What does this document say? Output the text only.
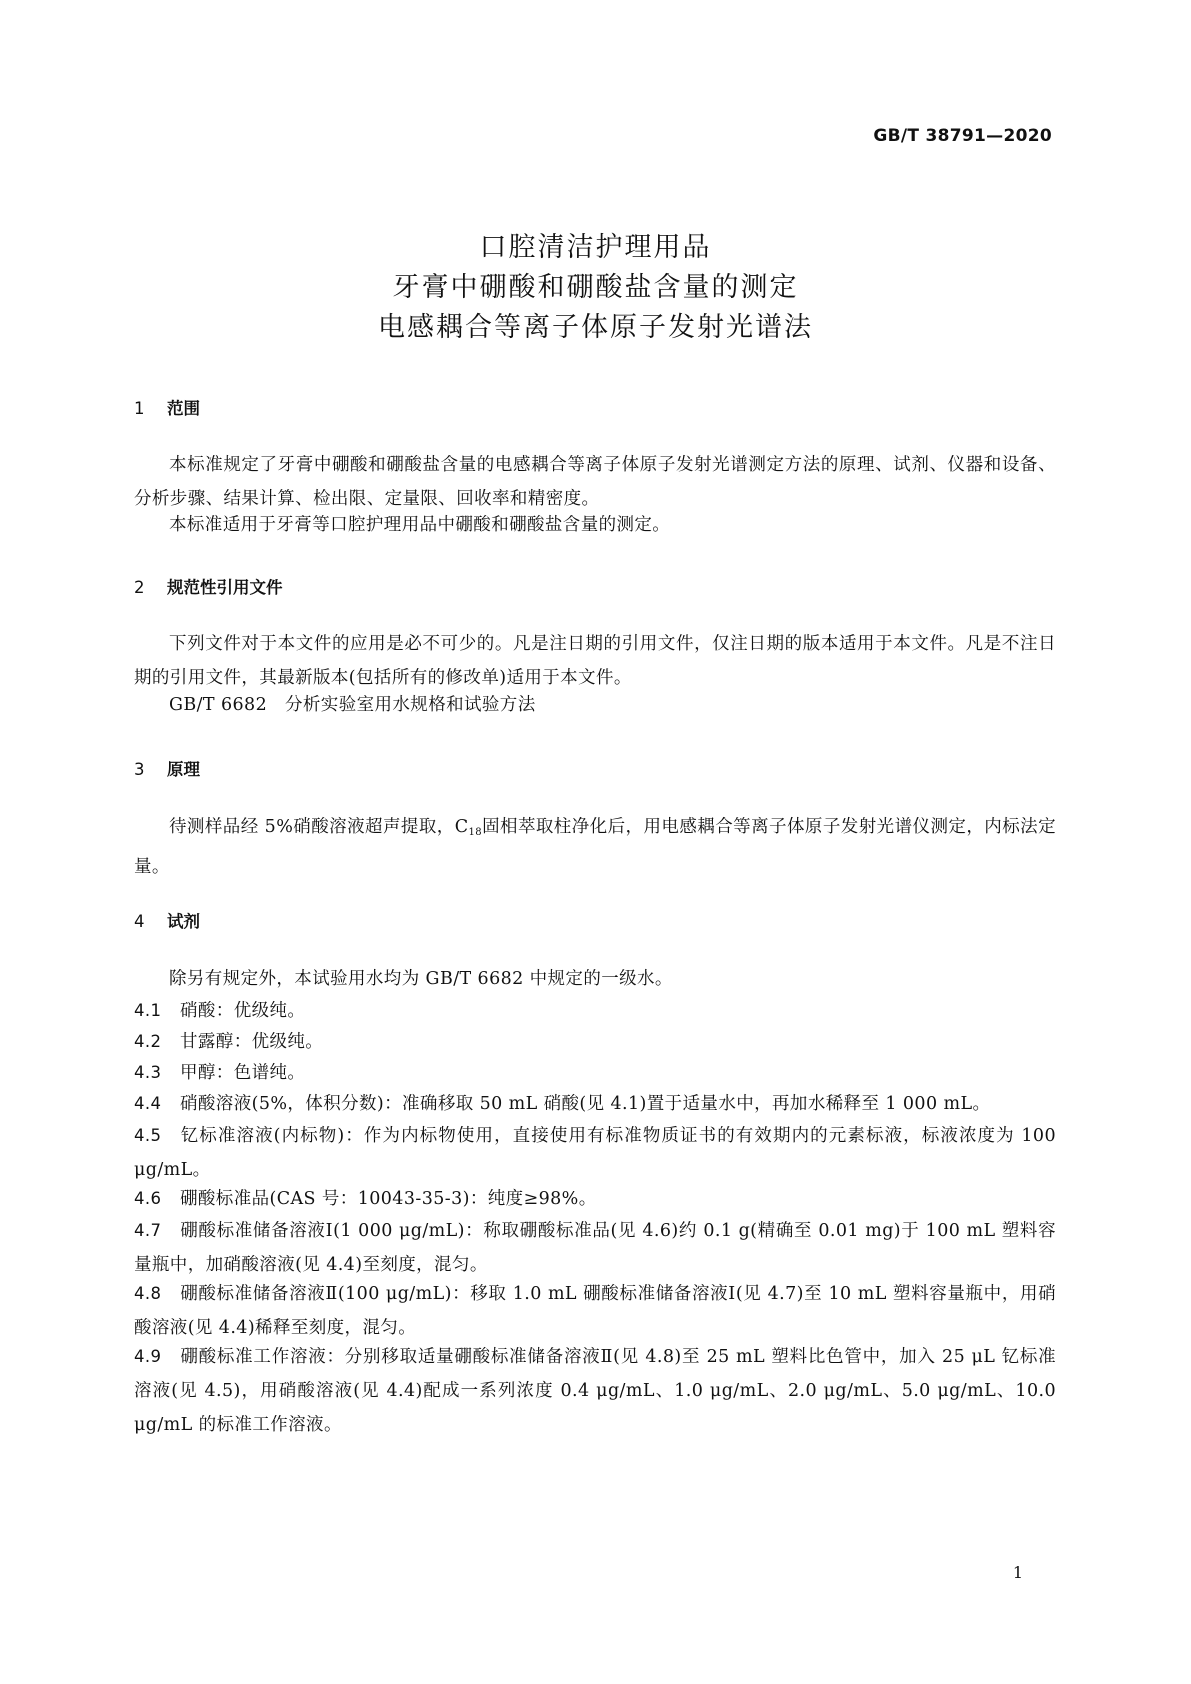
GB/T 38791—2020
口腔清洁护理用品
牙膏中硼酸和硼酸盐含量的测定
电感耦合等离子体原子发射光谱法
1 范围
本标准规定了牙膏中硼酸和硼酸盐含量的电感耦合等离子体原子发射光谱测定方法的原理、试剂、仪器和设备、分析步骤、结果计算、检出限、定量限、回收率和精密度。
本标准适用于牙膏等口腔护理用品中硼酸和硼酸盐含量的测定。
2 规范性引用文件
下列文件对于本文件的应用是必不可少的。凡是注日期的引用文件，仅注日期的版本适用于本文件。凡是不注日期的引用文件，其最新版本(包括所有的修改单)适用于本文件。
GB/T 6682　分析实验室用水规格和试验方法
3 原理
待测样品经 5%硝酸溶液超声提取，$C_{18}$固相萃取柱净化后，用电感耦合等离子体原子发射光谱仪测定，内标法定量。
4 试剂
除另有规定外，本试验用水均为 GB/T 6682 中规定的一级水。
4.1 硝酸：优级纯。
4.2 甘露醇：优级纯。
4.3 甲醇：色谱纯。
4.4 硝酸溶液(5%，体积分数)：准确移取 50 mL 硝酸(见 4.1)置于适量水中，再加水稀释至 1 000 mL。
4.5 钇标准溶液(内标物)：作为内标物使用，直接使用有标准物质证书的有效期内的元素标液，标液浓度为 100 μg/mL。
4.6 硼酸标准品(CAS 号：10043-35-3)：纯度≥98%。
4.7 硼酸标准储备溶液Ⅰ(1 000 μg/mL)：称取硼酸标准品(见 4.6)约 0.1 g(精确至 0.01 mg)于 100 mL 塑料容量瓶中，加硝酸溶液(见 4.4)至刻度，混匀。
4.8 硼酸标准储备溶液Ⅱ(100 μg/mL)：移取 1.0 mL 硼酸标准储备溶液Ⅰ(见 4.7)至 10 mL 塑料容量瓶中，用硝酸溶液(见 4.4)稀释至刻度，混匀。
4.9 硼酸标准工作溶液：分别移取适量硼酸标准储备溶液Ⅱ(见 4.8)至 25 mL 塑料比色管中，加入 25 μL 钇标准溶液(见 4.5)，用硝酸溶液(见 4.4)配成一系列浓度 0.4 μg/mL、1.0 μg/mL、2.0 μg/mL、5.0 μg/mL、10.0 μg/mL 的标准工作溶液。
1
